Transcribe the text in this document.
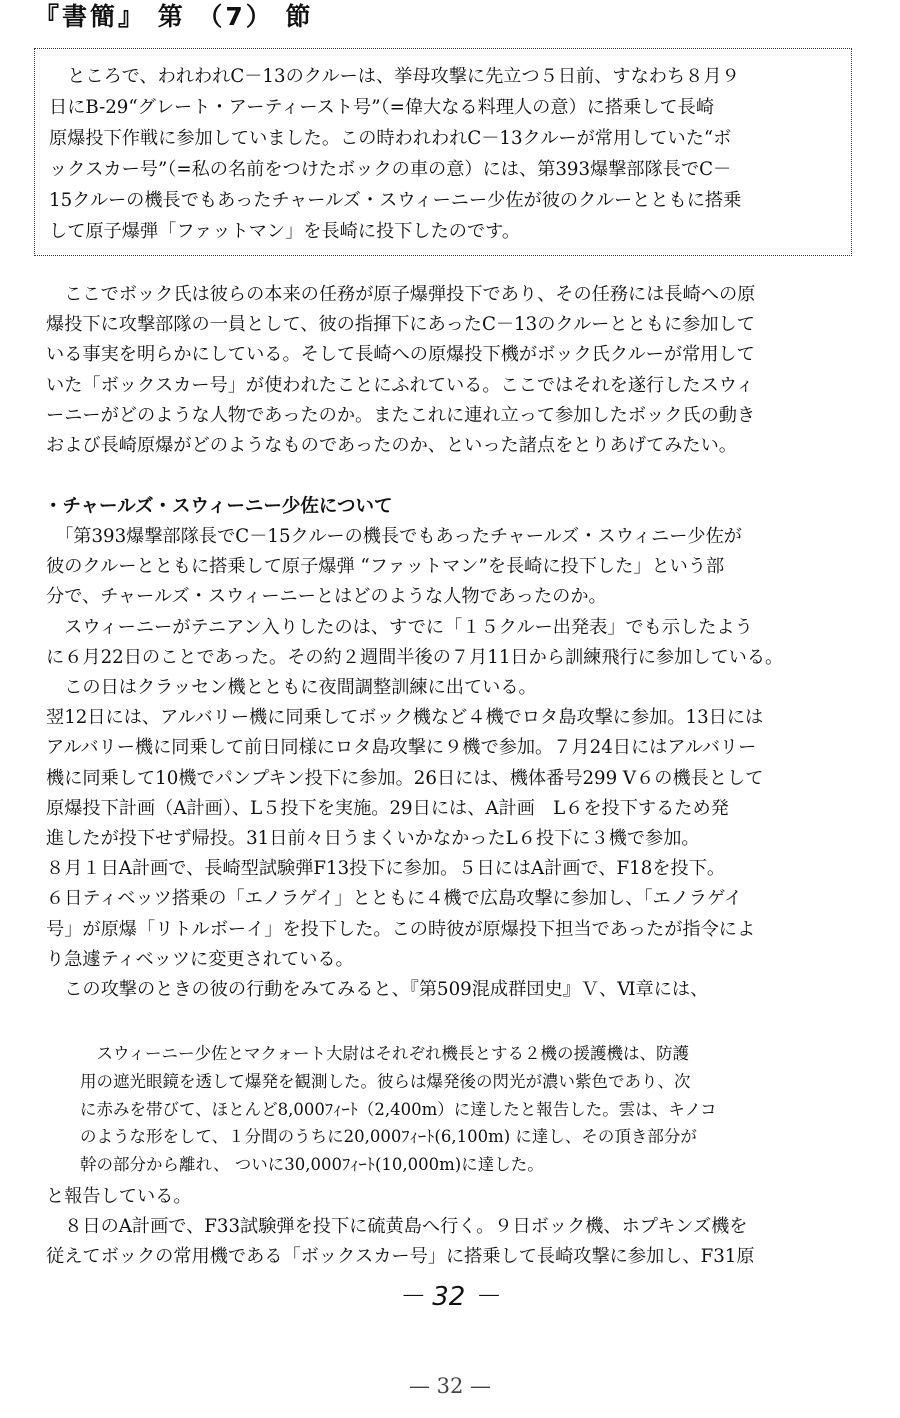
『書簡』 第 （7） 節

　ところで、われわれC－13のクルーは、挙母攻撃に先立つ５日前、すなわち８月９
日にB-29“グレート・アーティースト号”（=偉大なる料理人の意）に搭乗して長崎
原爆投下作戦に参加していました。この時われわれC－13クルーが常用していた“ボ
ックスカー号”（=私の名前をつけたボックの車の意）には、第393爆撃部隊長でC－
15クルーの機長でもあったチャールズ・スウィーニー少佐が彼のクルーとともに搭乗
して原子爆弾「ファットマン」を長崎に投下したのです。

　ここでボック氏は彼らの本来の任務が原子爆弾投下であり、その任務には長崎への原
爆投下に攻撃部隊の一員として、彼の指揮下にあったC－13のクルーとともに参加して
いる事実を明らかにしている。そして長崎への原爆投下機がボック氏クルーが常用して
いた「ボックスカー号」が使われたことにふれている。ここではそれを遂行したスウィ
ーニーがどのような人物であったのか。またこれに連れ立って参加したボック氏の動き
および長崎原爆がどのようなものであったのか、といった諸点をとりあげてみたい。

・チャールズ・スウィーニー少佐について

　「第393爆撃部隊長でC－15クルーの機長でもあったチャールズ・スウィニー少佐が
彼のクルーとともに搭乗して原子爆弾 “ファットマン”を長崎に投下した」という部
分で、チャールズ・スウィーニーとはどのような人物であったのか。
　スウィーニーがテニアン入りしたのは、すでに「１５クルー出発表」でも示したよう
に６月22日のことであった。その約２週間半後の７月11日から訓練飛行に参加している。
　この日はクラッセン機とともに夜間調整訓練に出ている。
翌12日には、アルバリー機に同乗してボック機など４機でロタ島攻撃に参加。13日には
アルバリー機に同乗して前日同様にロタ島攻撃に９機で参加。７月24日にはアルバリー
機に同乗して10機でパンプキン投下に参加。26日には、機体番号299 V６の機長として
原爆投下計画（A計画）、L５投下を実施。29日には、A計画　L６を投下するため発
進したが投下せず帰投。31日前々日うまくいかなかったL６投下に３機で参加。
８月１日A計画で、長崎型試験弾F13投下に参加。５日にはA計画で、F18を投下。
６日ティベッツ搭乗の「エノラゲイ」とともに４機で広島攻撃に参加し、「エノラゲイ
号」が原爆「リトルボーイ」を投下した。この時彼が原爆投下担当であったが指令によ
り急遽ティベッツに変更されている。
　この攻撃のときの彼の行動をみてみると、『第509混成群団史』Ｖ、Ⅵ章には、

　スウィーニー少佐とマクォート大尉はそれぞれ機長とする２機の援護機は、防護
用の遮光眼鏡を透して爆発を観測した。彼らは爆発後の閃光が濃い紫色であり、次
に赤みを帯びて、ほとんど8,000ﾌｨｰﾄ（2,400m）に達したと報告した。雲は、キノコ
のような形をして、１分間のうちに20,000ﾌｨｰﾄ(6,100m) に達し、その頂き部分が
幹の部分から離れ、 ついに30,000ﾌｨｰﾄ(10,000m)に達した。

と報告している。
　８日のA計画で、F33試験弾を投下に硫黄島へ行く。９日ボック機、ホプキンズ機を
従えてボックの常用機である「ボックスカー号」に搭乗して長崎攻撃に参加し、F31原

－ 32 －
— 32 —
